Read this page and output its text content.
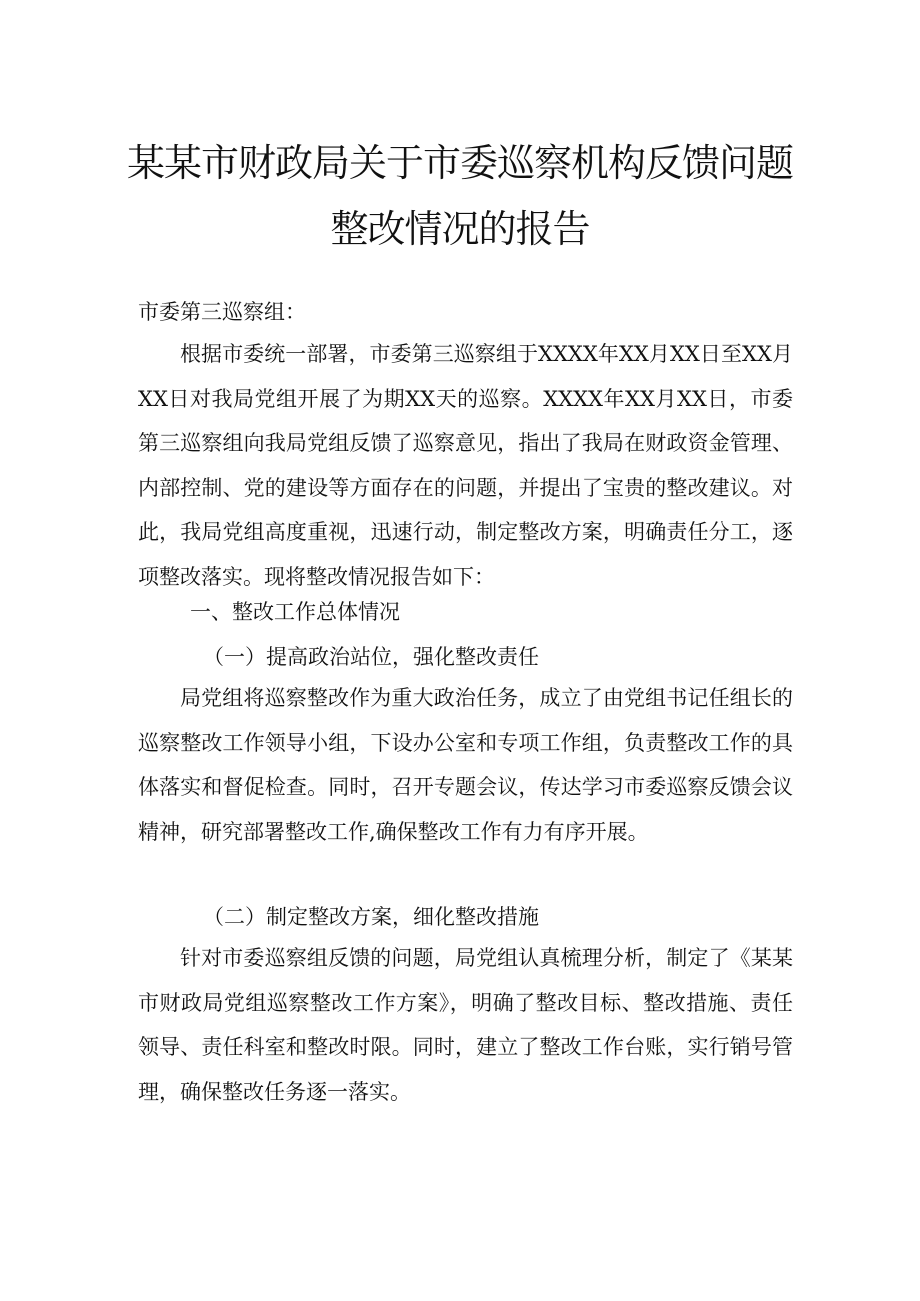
某某市财政局关于市委巡察机构反馈问题
整改情况的报告
市委第三巡察组：
根据市委统一部署，市委第三巡察组于XXXX年XX月XX日至XX月XX日对我局党组开展了为期XX天的巡察。XXXX年XX月XX日，市委第三巡察组向我局党组反馈了巡察意见，指出了我局在财政资金管理、内部控制、党的建设等方面存在的问题，并提出了宝贵的整改建议。对此，我局党组高度重视，迅速行动，制定整改方案，明确责任分工，逐项整改落实。现将整改情况报告如下：
一、整改工作总体情况
（一）提高政治站位，强化整改责任
局党组将巡察整改作为重大政治任务，成立了由党组书记任组长的巡察整改工作领导小组，下设办公室和专项工作组，负责整改工作的具体落实和督促检查。同时，召开专题会议，传达学习市委巡察反馈会议精神，研究部署整改工作,确保整改工作有力有序开展。
（二）制定整改方案，细化整改措施
针对市委巡察组反馈的问题，局党组认真梳理分析，制定了《某某市财政局党组巡察整改工作方案》，明确了整改目标、整改措施、责任领导、责任科室和整改时限。同时，建立了整改工作台账，实行销号管理，确保整改任务逐一落实。
